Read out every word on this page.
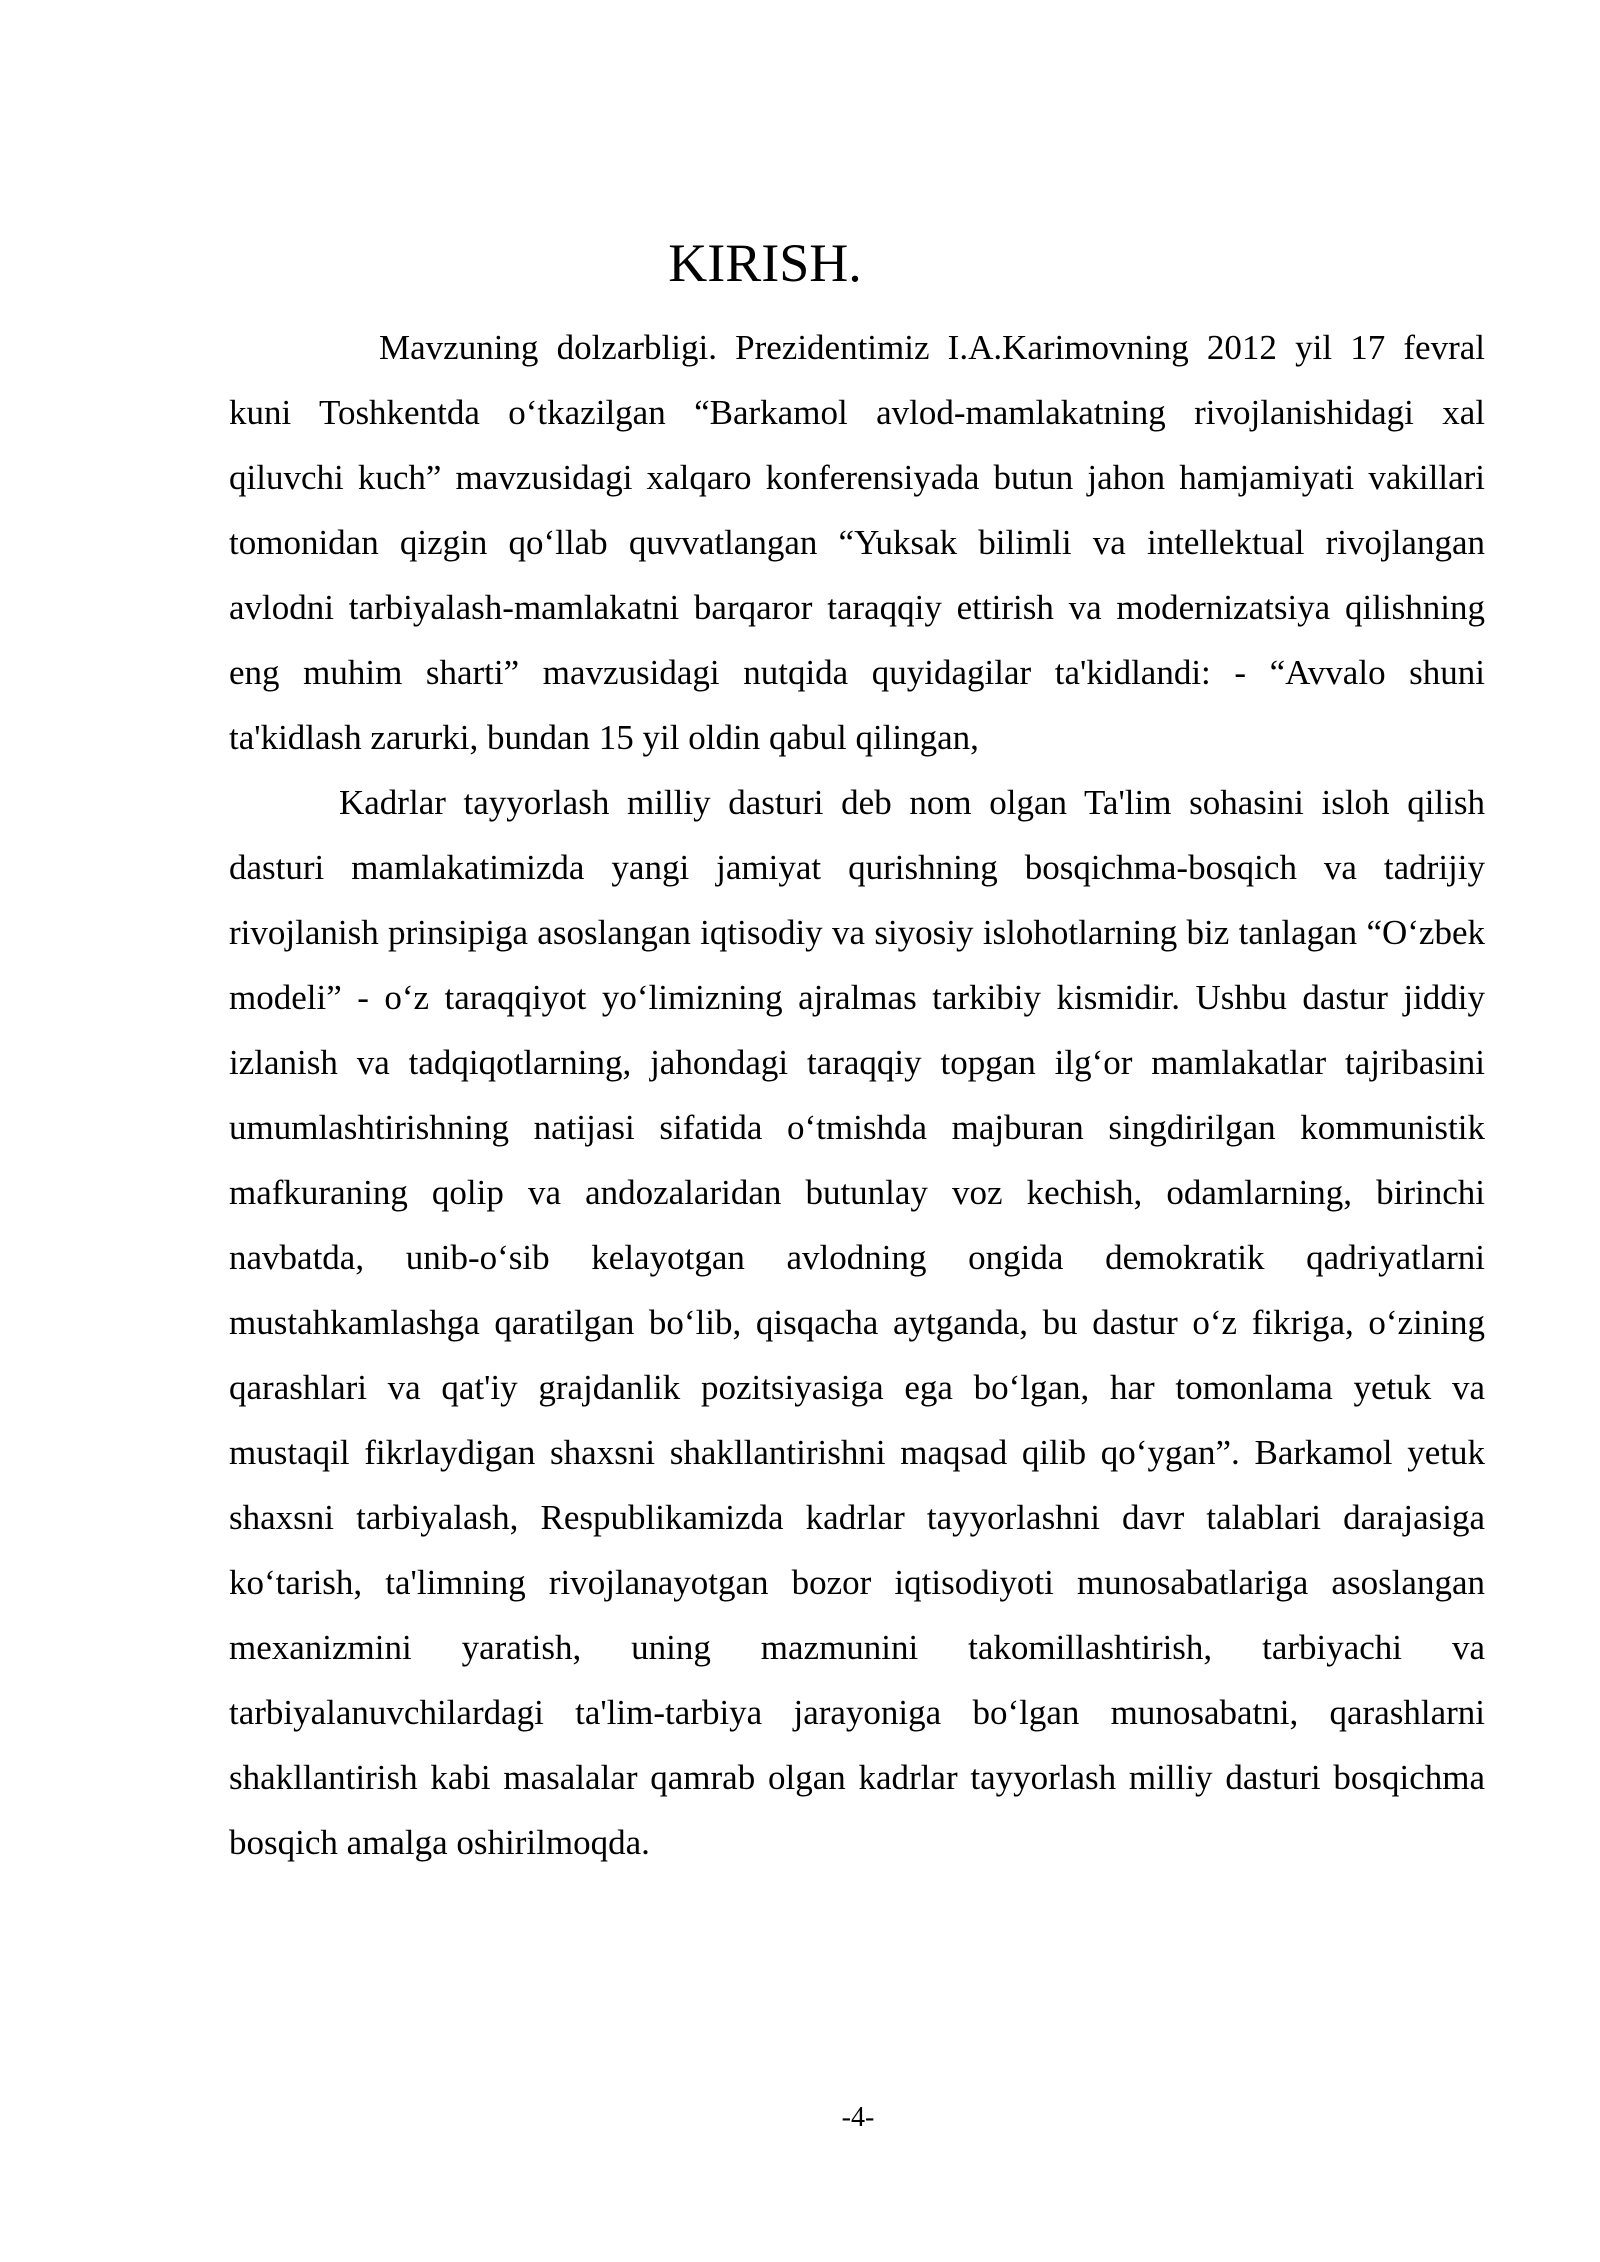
KIRISH.

Mavzuning dolzarbligi. Prezidentimiz I.A.Karimovning 2012 yil 17 fevral kuni Toshkentda o‘tkazilgan “Barkamol avlod-mamlakatning rivojlanishidagi xal qiluvchi kuch” mavzusidagi xalqaro konferensiyada butun jahon hamjamiyati vakillari tomonidan qizgin qo‘llab quvvatlangan “Yuksak bilimli va intellektual rivojlangan avlodni tarbiyalash-mamlakatni barqaror taraqqiy ettirish va modernizatsiya qilishning eng muhim sharti” mavzusidagi nutqida quyidagilar ta'kidlandi: - “Avvalo shuni ta'kidlash zarurki, bundan 15 yil oldin qabul qilingan,

Kadrlar tayyorlash milliy dasturi deb nom olgan Ta'lim sohasini isloh qilish dasturi mamlakatimizda yangi jamiyat qurishning bosqichma-bosqich va tadrijiy rivojlanish prinsipiga asoslangan iqtisodiy va siyosiy islohotlarning biz tanlagan “O‘zbek modeli” - o‘z taraqqiyot yo‘limizning ajralmas tarkibiy kismidir. Ushbu dastur jiddiy izlanish va tadqiqotlarning, jahondagi taraqqiy topgan ilg‘or mamlakatlar tajribasini umumlashtirishning natijasi sifatida o‘tmishda majburan singdirilgan kommunistik mafkuraning qolip va andozalaridan butunlay voz kechish, odamlarning, birinchi navbatda, unib-o‘sib kelayotgan avlodning ongida demokratik qadriyatlarni mustahkamlashga qaratilgan bo‘lib, qisqacha aytganda, bu dastur o‘z fikriga, o‘zining qarashlari va qat'iy grajdanlik pozitsiyasiga ega bo‘lgan, har tomonlama yetuk va mustaqil fikrlaydigan shaxsni shakllantirishni maqsad qilib qo‘ygan”. Barkamol yetuk shaxsni tarbiyalash, Respublikamizda kadrlar tayyorlashni davr talablari darajasiga ko‘tarish, ta'limning rivojlanayotgan bozor iqtisodiyoti munosabatlariga asoslangan mexanizmini yaratish, uning mazmunini takomillashtirish, tarbiyachi va tarbiyalanuvchilardagi ta'lim-tarbiya jarayoniga bo‘lgan munosabatni, qarashlarni shakllantirish kabi masalalar qamrab olgan kadrlar tayyorlash milliy dasturi bosqichma bosqich amalga oshirilmoqda.

-4-
